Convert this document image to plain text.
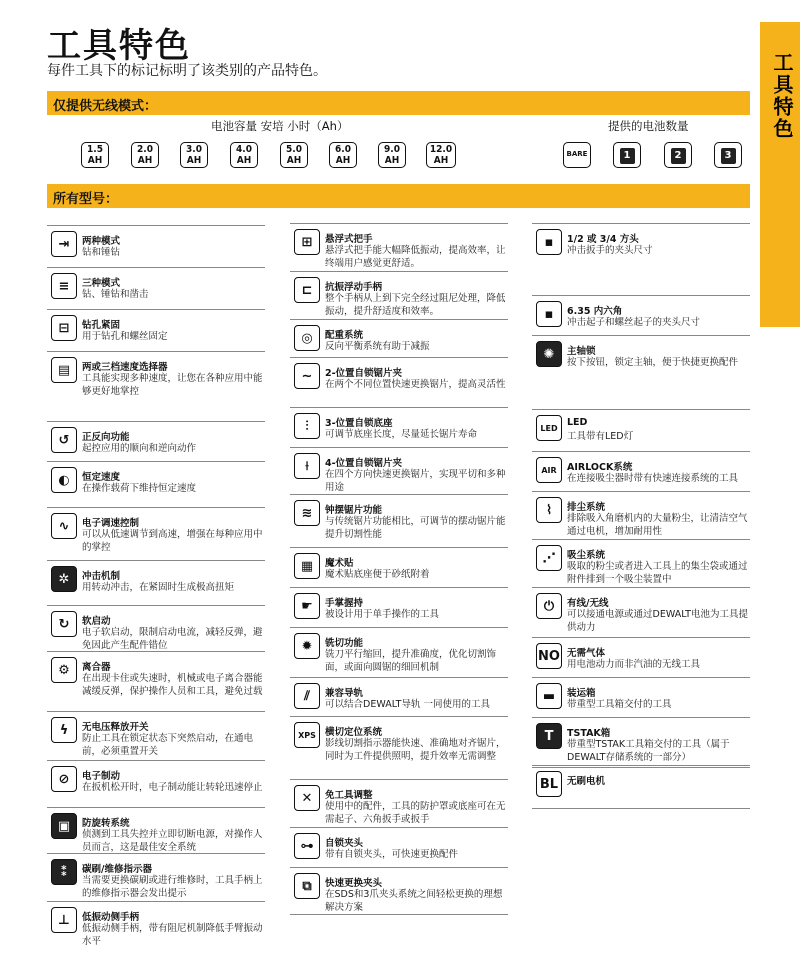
工具特色
工具特色
每件工具下的标记标明了该类别的产品特色。
仅提供无线模式：
电池容量 安培 小时（Ah）	提供的电池数量
1.5
AH
2.0
AH
3.0
AH
4.0
AH
5.0
AH
6.0
AH
9.0
AH
12.0
AH
BARE	1	2	3
所有型号：
⇥	两种模式
钻和锤钻
≡	三种模式
钻、锤钻和凿击
⊟	钻孔紧固
用于钻孔和螺丝固定
▤	两或三档速度选择器
工具能实现多种速度，让您在各种应用中能够更好地掌控
↺	正反向功能
起控应用的顺向和逆向动作
◐	恒定速度
在操作载荷下维持恒定速度
∿	电子调速控制
可以从低速调节到高速，增强在每种应用中的掌控
✲	冲击机制
用转动冲击，在紧固时生成极高扭矩
↻	软启动
电子软启动，限制启动电流，减轻反弹，避免因此产生配件错位
⚙	离合器
在出现卡住或失速时，机械或电子离合器能减缓反弹，保护操作人员和工具，避免过载
ϟ	无电压释放开关
防止工具在锁定状态下突然启动，在通电前，必须重置开关
⊘	电子制动
在扳机松开时，电子制动能让转轮迅速停止
▣	防旋转系统
侦测到工具失控并立即切断电源，对操作人员而言，这是最佳安全系统
⁑	碳刷/维修指示器
当需要更换碳刷或进行维修时，工具手柄上的维修指示器会发出提示
⊥	低振动侧手柄
低振动侧手柄，带有阻尼机制降低手臂振动水平
⊞	悬浮式把手
悬浮式把手能大幅降低振动，提高效率，让终端用户感觉更舒适。
⊏	抗振浮动手柄
整个手柄从上到下完全经过阻尼处理，降低振动，提升舒适度和效率。
◎	配重系统
反向平衡系统有助于减振
∼	2-位置自锁锯片夹
在两个不同位置快速更换锯片，提高灵活性
⫶	3-位置自锁底座
可调节底座长度，尽量延长锯片寿命
⟊	4-位置自锁锯片夹
在四个方向快速更换锯片，实现平切和多种用途
≋	钟摆锯片功能
与传统锯片功能相比，可调节的摆动锯片能提升切割性能
▦	魔术贴
魔术贴底座便于砂纸附着
☛	手掌握持
被设计用于单手操作的工具
✹	铣切功能
铣刀平行缩回，提升准确度，优化切割饰面，或面向圆锯的细回机制
⫽	兼容导轨
可以结合DEWALT导轨 一同使用的工具
XPS 横切定位系统
影线切割指示器能快速、准确地对齐锯片，同时为工件提供照明，提升效率无需调整
✕	免工具调整
使用中的配件，工具的防护罩或底座可在无需起子、六角扳手或扳手
⊶	自锁夹头
带有自锁夹头，可快速更换配件
⧉	快速更换夹头
在SDS和3爪夹头系统之间轻松更换的理想解决方案
▪	1/2 或 3/4 方头
冲击扳手的夹头尺寸
▪	6.35 内六角
冲击起子和螺丝起子的夹头尺寸
✺	主轴锁
按下按钮，锁定主轴，便于快捷更换配件
LED LED
工具带有LED灯
AIR	AIRLOCK系统
在连接吸尘器时带有快速连接系统的工具
⌇	排尘系统
排除吸入角磨机内的大量粉尘，让清洁空气通过电机，增加耐用性
⋰	吸尘系统
吸取的粉尘或者进入工具上的集尘袋或通过附件排到一个吸尘装置中
⏻	有线/无线
可以接通电源或通过DEWALT电池为工具提供动力
NO 无需气体
用电池动力而非汽油的无线工具
▬	装运箱
带重型工具箱交付的工具
T	TSTAK箱
带重型TSTAK工具箱交付的工具（属于DEWALT存储系统的一部分）
BL 无刷电机
